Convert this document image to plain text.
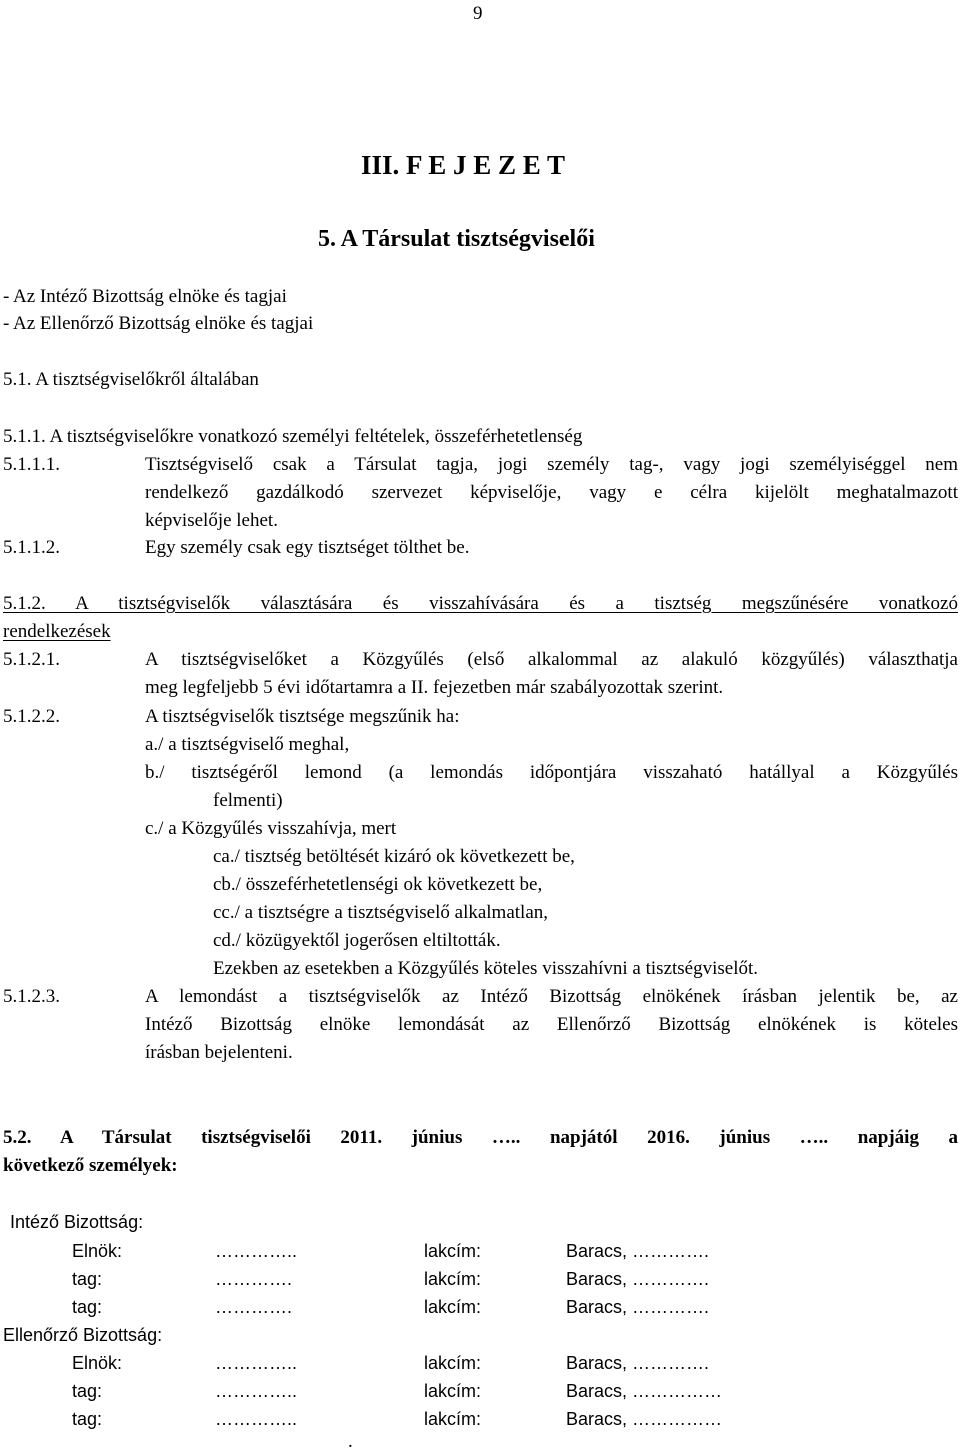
9
III. F E J E Z E T
5. A Társulat tisztségviselői
- Az Intéző Bizottság elnöke és tagjai
- Az Ellenőrző Bizottság elnöke és tagjai
5.1. A tisztségviselőkről általában
5.1.1. A tisztségviselőkre vonatkozó személyi feltételek, összeférhetetlenség
5.1.1.1.	Tisztségviselő csak a Társulat tagja, jogi személy tag-, vagy jogi személyiséggel nem
rendelkező gazdálkodó szervezet képviselője, vagy e célra kijelölt meghatalmazott
képviselője lehet.
5.1.1.2.	Egy személy csak egy tisztséget tölthet be.
5.1.2. A tisztségviselők választására és visszahívására és a tisztség megszűnésére vonatkozó
rendelkezések
5.1.2.1.	A tisztségviselőket a Közgyűlés (első alkalommal az alakuló közgyűlés) választhatja
meg legfeljebb 5 évi időtartamra a II. fejezetben már szabályozottak szerint.
5.1.2.2.	A tisztségviselők tisztsége megszűnik ha:
a./ a tisztségviselő meghal,
b./ tisztségéről lemond (a lemondás időpontjára visszaható hatállyal a Közgyűlés
felmenti)
c./ a Közgyűlés visszahívja, mert
ca./ tisztség betöltését kizáró ok következett be,
cb./ összeférhetetlenségi ok következett be,
cc./ a tisztségre a tisztségviselő alkalmatlan,
cd./ közügyektől jogerősen eltiltották.
Ezekben az esetekben a Közgyűlés köteles visszahívni a tisztségviselőt.
5.1.2.3.	A lemondást a tisztségviselők az Intéző Bizottság elnökének írásban jelentik be, az
Intéző Bizottság elnöke lemondását az Ellenőrző Bizottság elnökének is köteles
írásban bejelenteni.
5.2. A Társulat tisztségviselői 2011. június ….. napjától 2016. június ….. napjáig a
következő személyek:
Intéző Bizottság:
Elnök:	…………..	lakcím:	Baracs, ………….
tag:	………….	lakcím:	Baracs, ………….
tag:	………….	lakcím:	Baracs, ………….
Ellenőrző Bizottság:
Elnök:	…………..	lakcím:	Baracs, ………….
tag:	…………..	lakcím:	Baracs, ……………
tag:	…………..	lakcím:	Baracs, ……………
.
